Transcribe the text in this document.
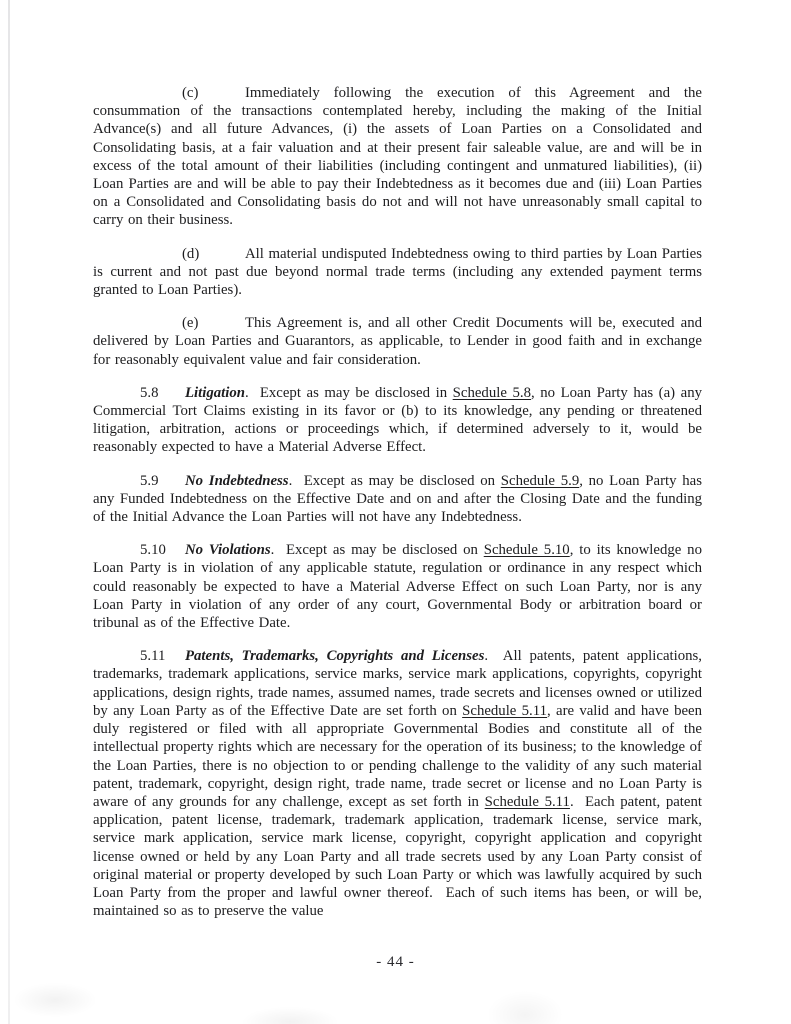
(c)	Immediately following the execution of this Agreement and the consummation of the transactions contemplated hereby, including the making of the Initial Advance(s) and all future Advances, (i) the assets of Loan Parties on a Consolidated and Consolidating basis, at a fair valuation and at their present fair saleable value, are and will be in excess of the total amount of their liabilities (including contingent and unmatured liabilities), (ii) Loan Parties are and will be able to pay their Indebtedness as it becomes due and (iii) Loan Parties on a Consolidated and Consolidating basis do not and will not have unreasonably small capital to carry on their business.

(d)	All material undisputed Indebtedness owing to third parties by Loan Parties is current and not past due beyond normal trade terms (including any extended payment terms granted to Loan Parties).

(e)	This Agreement is, and all other Credit Documents will be, executed and delivered by Loan Parties and Guarantors, as applicable, to Lender in good faith and in exchange for reasonably equivalent value and fair consideration.

5.8 Litigation.  Except as may be disclosed in Schedule 5.8, no Loan Party has (a) any Commercial Tort Claims existing in its favor or (b) to its knowledge, any pending or threatened litigation, arbitration, actions or proceedings which, if determined adversely to it, would be reasonably expected to have a Material Adverse Effect.

5.9 No Indebtedness.  Except as may be disclosed on Schedule 5.9, no Loan Party has any Funded Indebtedness on the Effective Date and on and after the Closing Date and the funding of the Initial Advance the Loan Parties will not have any Indebtedness.

5.10 No Violations.  Except as may be disclosed on Schedule 5.10, to its knowledge no Loan Party is in violation of any applicable statute, regulation or ordinance in any respect which could reasonably be expected to have a Material Adverse Effect on such Loan Party, nor is any Loan Party in violation of any order of any court, Governmental Body or arbitration board or tribunal as of the Effective Date.

5.11 Patents, Trademarks, Copyrights and Licenses.  All patents, patent applications, trademarks, trademark applications, service marks, service mark applications, copyrights, copyright applications, design rights, trade names, assumed names, trade secrets and licenses owned or utilized by any Loan Party as of the Effective Date are set forth on Schedule 5.11, are valid and have been duly registered or filed with all appropriate Governmental Bodies and constitute all of the intellectual property rights which are necessary for the operation of its business; to the knowledge of the Loan Parties, there is no objection to or pending challenge to the validity of any such material patent, trademark, copyright, design right, trade name, trade secret or license and no Loan Party is aware of any grounds for any challenge, except as set forth in Schedule 5.11.  Each patent, patent application, patent license, trademark, trademark application, trademark license, service mark, service mark application, service mark license, copyright, copyright application and copyright license owned or held by any Loan Party and all trade secrets used by any Loan Party consist of original material or property developed by such Loan Party or which was lawfully acquired by such Loan Party from the proper and lawful owner thereof.  Each of such items has been, or will be, maintained so as to preserve the value

- 44 -
